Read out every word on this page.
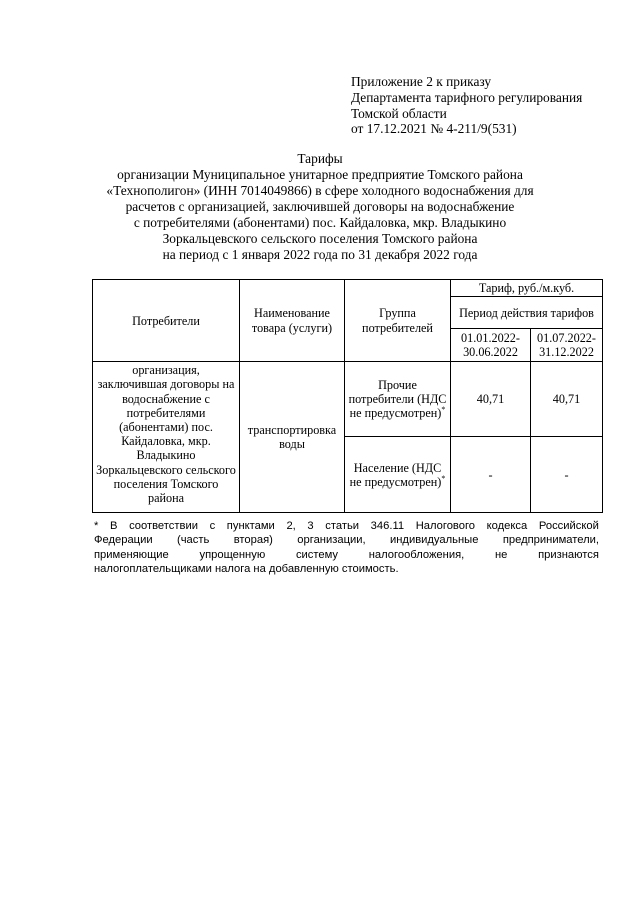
Приложение 2 к приказу
Департамента тарифного регулирования
Томской области
от 17.12.2021 № 4-211/9(531)
Тарифы
организации Муниципальное унитарное предприятие Томского района
«Технополигон» (ИНН 7014049866) в сфере холодного водоснабжения для
расчетов с организацией, заключившей договоры на водоснабжение
с потребителями (абонентами) пос. Кайдаловка, мкр. Владыкино
Зоркальцевского сельского поселения Томского района
на период с 1 января 2022 года по 31 декабря 2022 года
Потребители	Наименование товара (услуги)	Группа потребителей	Тариф, руб./м.куб.	
			Период действия тарифов	
			01.01.2022-30.06.2022	01.07.2022-31.12.2022
организация, заключившая договоры на водоснабжение с потребителями (абонентами) пос. Кайдаловка, мкр. Владыкино Зоркальцевского сельского поселения Томского района	транспортировка воды	Прочие потребители (НДС не предусмотрен)*	40,71	40,71
		Население (НДС не предусмотрен)*	-	-
* В соответствии с пунктами 2, 3 статьи 346.11 Налогового кодекса Российской
Федерации (часть вторая) организации, индивидуальные предприниматели,
применяющие	упрощенную	систему	налогообложения,	не	признаются

налогоплательщиками налога на добавленную стоимость.
